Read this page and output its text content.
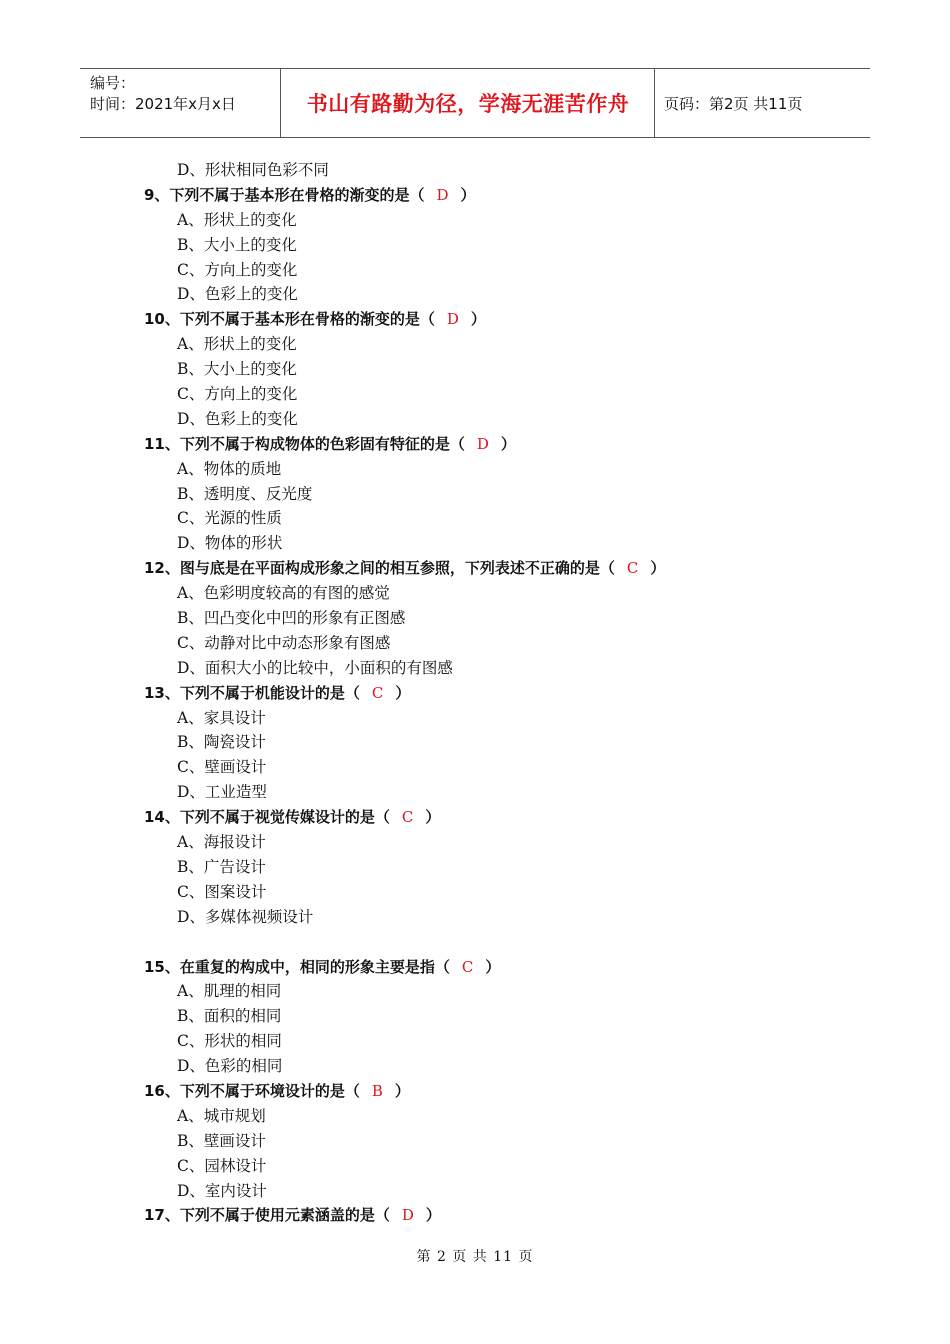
编号：
时间：2021年x月x日	书山有路勤为径，学海无涯苦作舟	页码：第2页 共11页
D、形状相同色彩不同
9、下列不属于基本形在骨格的渐变的是（ D ）
A、形状上的变化
B、大小上的变化
C、方向上的变化
D、色彩上的变化
10、下列不属于基本形在骨格的渐变的是（ D ）
A、形状上的变化
B、大小上的变化
C、方向上的变化
D、色彩上的变化
11、下列不属于构成物体的色彩固有特征的是（ D ）
A、物体的质地
B、透明度、反光度
C、光源的性质
D、物体的形状
12、图与底是在平面构成形象之间的相互参照，下列表述不正确的是（ C ）
A、色彩明度较高的有图的感觉
B、凹凸变化中凹的形象有正图感
C、动静对比中动态形象有图感
D、面积大小的比较中，小面积的有图感
13、下列不属于机能设计的是（ C ）
A、家具设计
B、陶瓷设计
C、壁画设计
D、工业造型
14、下列不属于视觉传媒设计的是（ C ）
A、海报设计
B、广告设计
C、图案设计
D、多媒体视频设计
15、在重复的构成中，相同的形象主要是指（ C ）
A、肌理的相同
B、面积的相同
C、形状的相同
D、色彩的相同
16、下列不属于环境设计的是（ B ）
A、城市规划
B、壁画设计
C、园林设计
D、室内设计
17、下列不属于使用元素涵盖的是（ D ）
第 2 页 共 11 页
